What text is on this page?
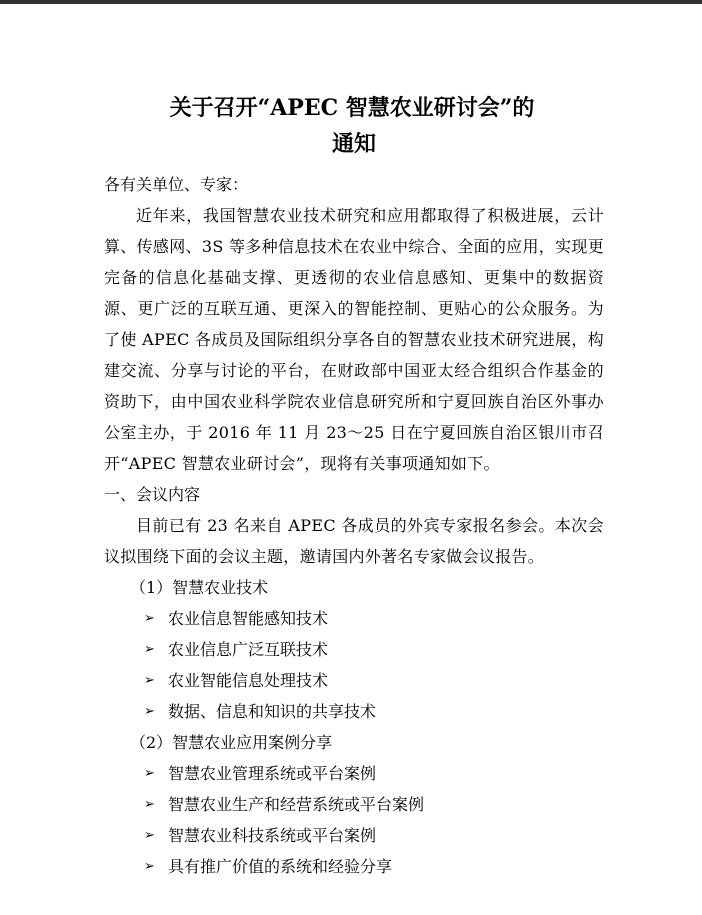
关于召开“APEC 智慧农业研讨会”的

通知

各有关单位、专家：

近年来，我国智慧农业技术研究和应用都取得了积极进展，云计算、传感网、3S 等多种信息技术在农业中综合、全面的应用，实现更完备的信息化基础支撑、更透彻的农业信息感知、更集中的数据资源、更广泛的互联互通、更深入的智能控制、更贴心的公众服务。为了使 APEC 各成员及国际组织分享各自的智慧农业技术研究进展，构建交流、分享与讨论的平台，在财政部中国亚太经合组织合作基金的资助下，由中国农业科学院农业信息研究所和宁夏回族自治区外事办公室主办，于 2016 年 11 月 23～25 日在宁夏回族自治区银川市召开“APEC 智慧农业研讨会”，现将有关事项通知如下。

一、会议内容

目前已有 23 名来自 APEC 各成员的外宾专家报名参会。本次会议拟围绕下面的会议主题，邀请国内外著名专家做会议报告。

（1）智慧农业技术

➢ 农业信息智能感知技术

➢ 农业信息广泛互联技术

➢ 农业智能信息处理技术

➢ 数据、信息和知识的共享技术

（2）智慧农业应用案例分享

➢ 智慧农业管理系统或平台案例

➢ 智慧农业生产和经营系统或平台案例

➢ 智慧农业科技系统或平台案例

➢ 具有推广价值的系统和经验分享
